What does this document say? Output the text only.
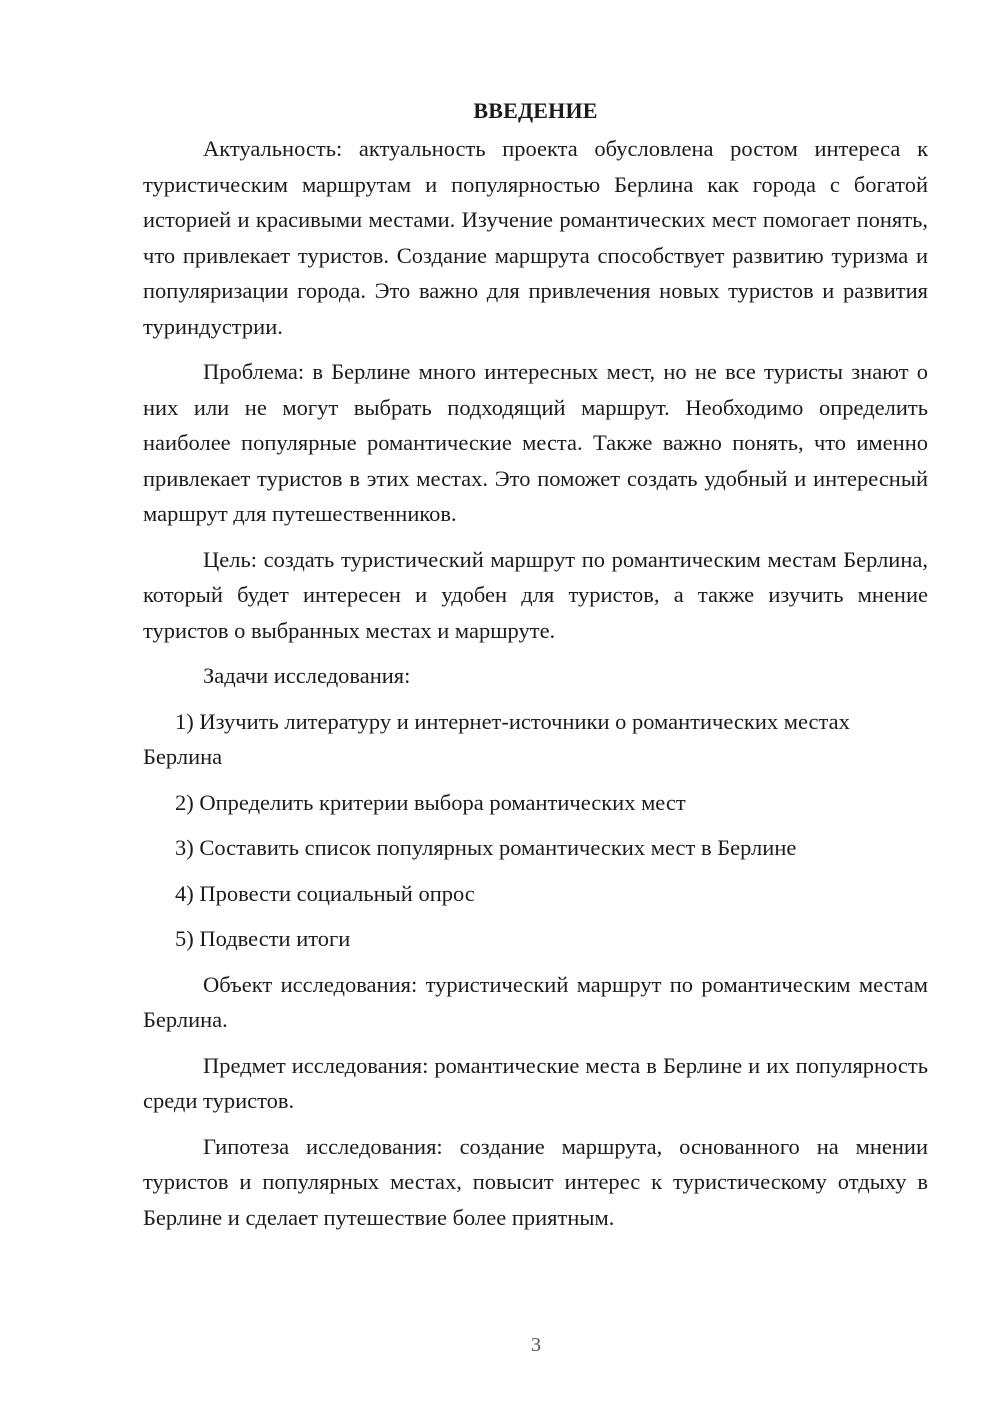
ВВЕДЕНИЕ

Актуальность: актуальность проекта обусловлена ростом интереса к туристическим маршрутам и популярностью Берлина как города с богатой историей и красивыми местами. Изучение романтических мест помогает понять, что привлекает туристов. Создание маршрута способствует развитию туризма и популяризации города. Это важно для привлечения новых туристов и развития туриндустрии.

Проблема: в Берлине много интересных мест, но не все туристы знают о них или не могут выбрать подходящий маршрут. Необходимо определить наиболее популярные романтические места. Также важно понять, что именно привлекает туристов в этих местах. Это поможет создать удобный и интересный маршрут для путешественников.

Цель: создать туристический маршрут по романтическим местам Берлина, который будет интересен и удобен для туристов, а также изучить мнение туристов о выбранных местах и маршруте.

Задачи исследования:

1) Изучить литературу и интернет-источники о романтических местах Берлина

2) Определить критерии выбора романтических мест

3) Составить список популярных романтических мест в Берлине

4) Провести социальный опрос

5) Подвести итоги

Объект исследования: туристический маршрут по романтическим местам Берлина.

Предмет исследования: романтические места в Берлине и их популярность среди туристов.

Гипотеза исследования: создание маршрута, основанного на мнении туристов и популярных местах, повысит интерес к туристическому отдыху в Берлине и сделает путешествие более приятным.

3
